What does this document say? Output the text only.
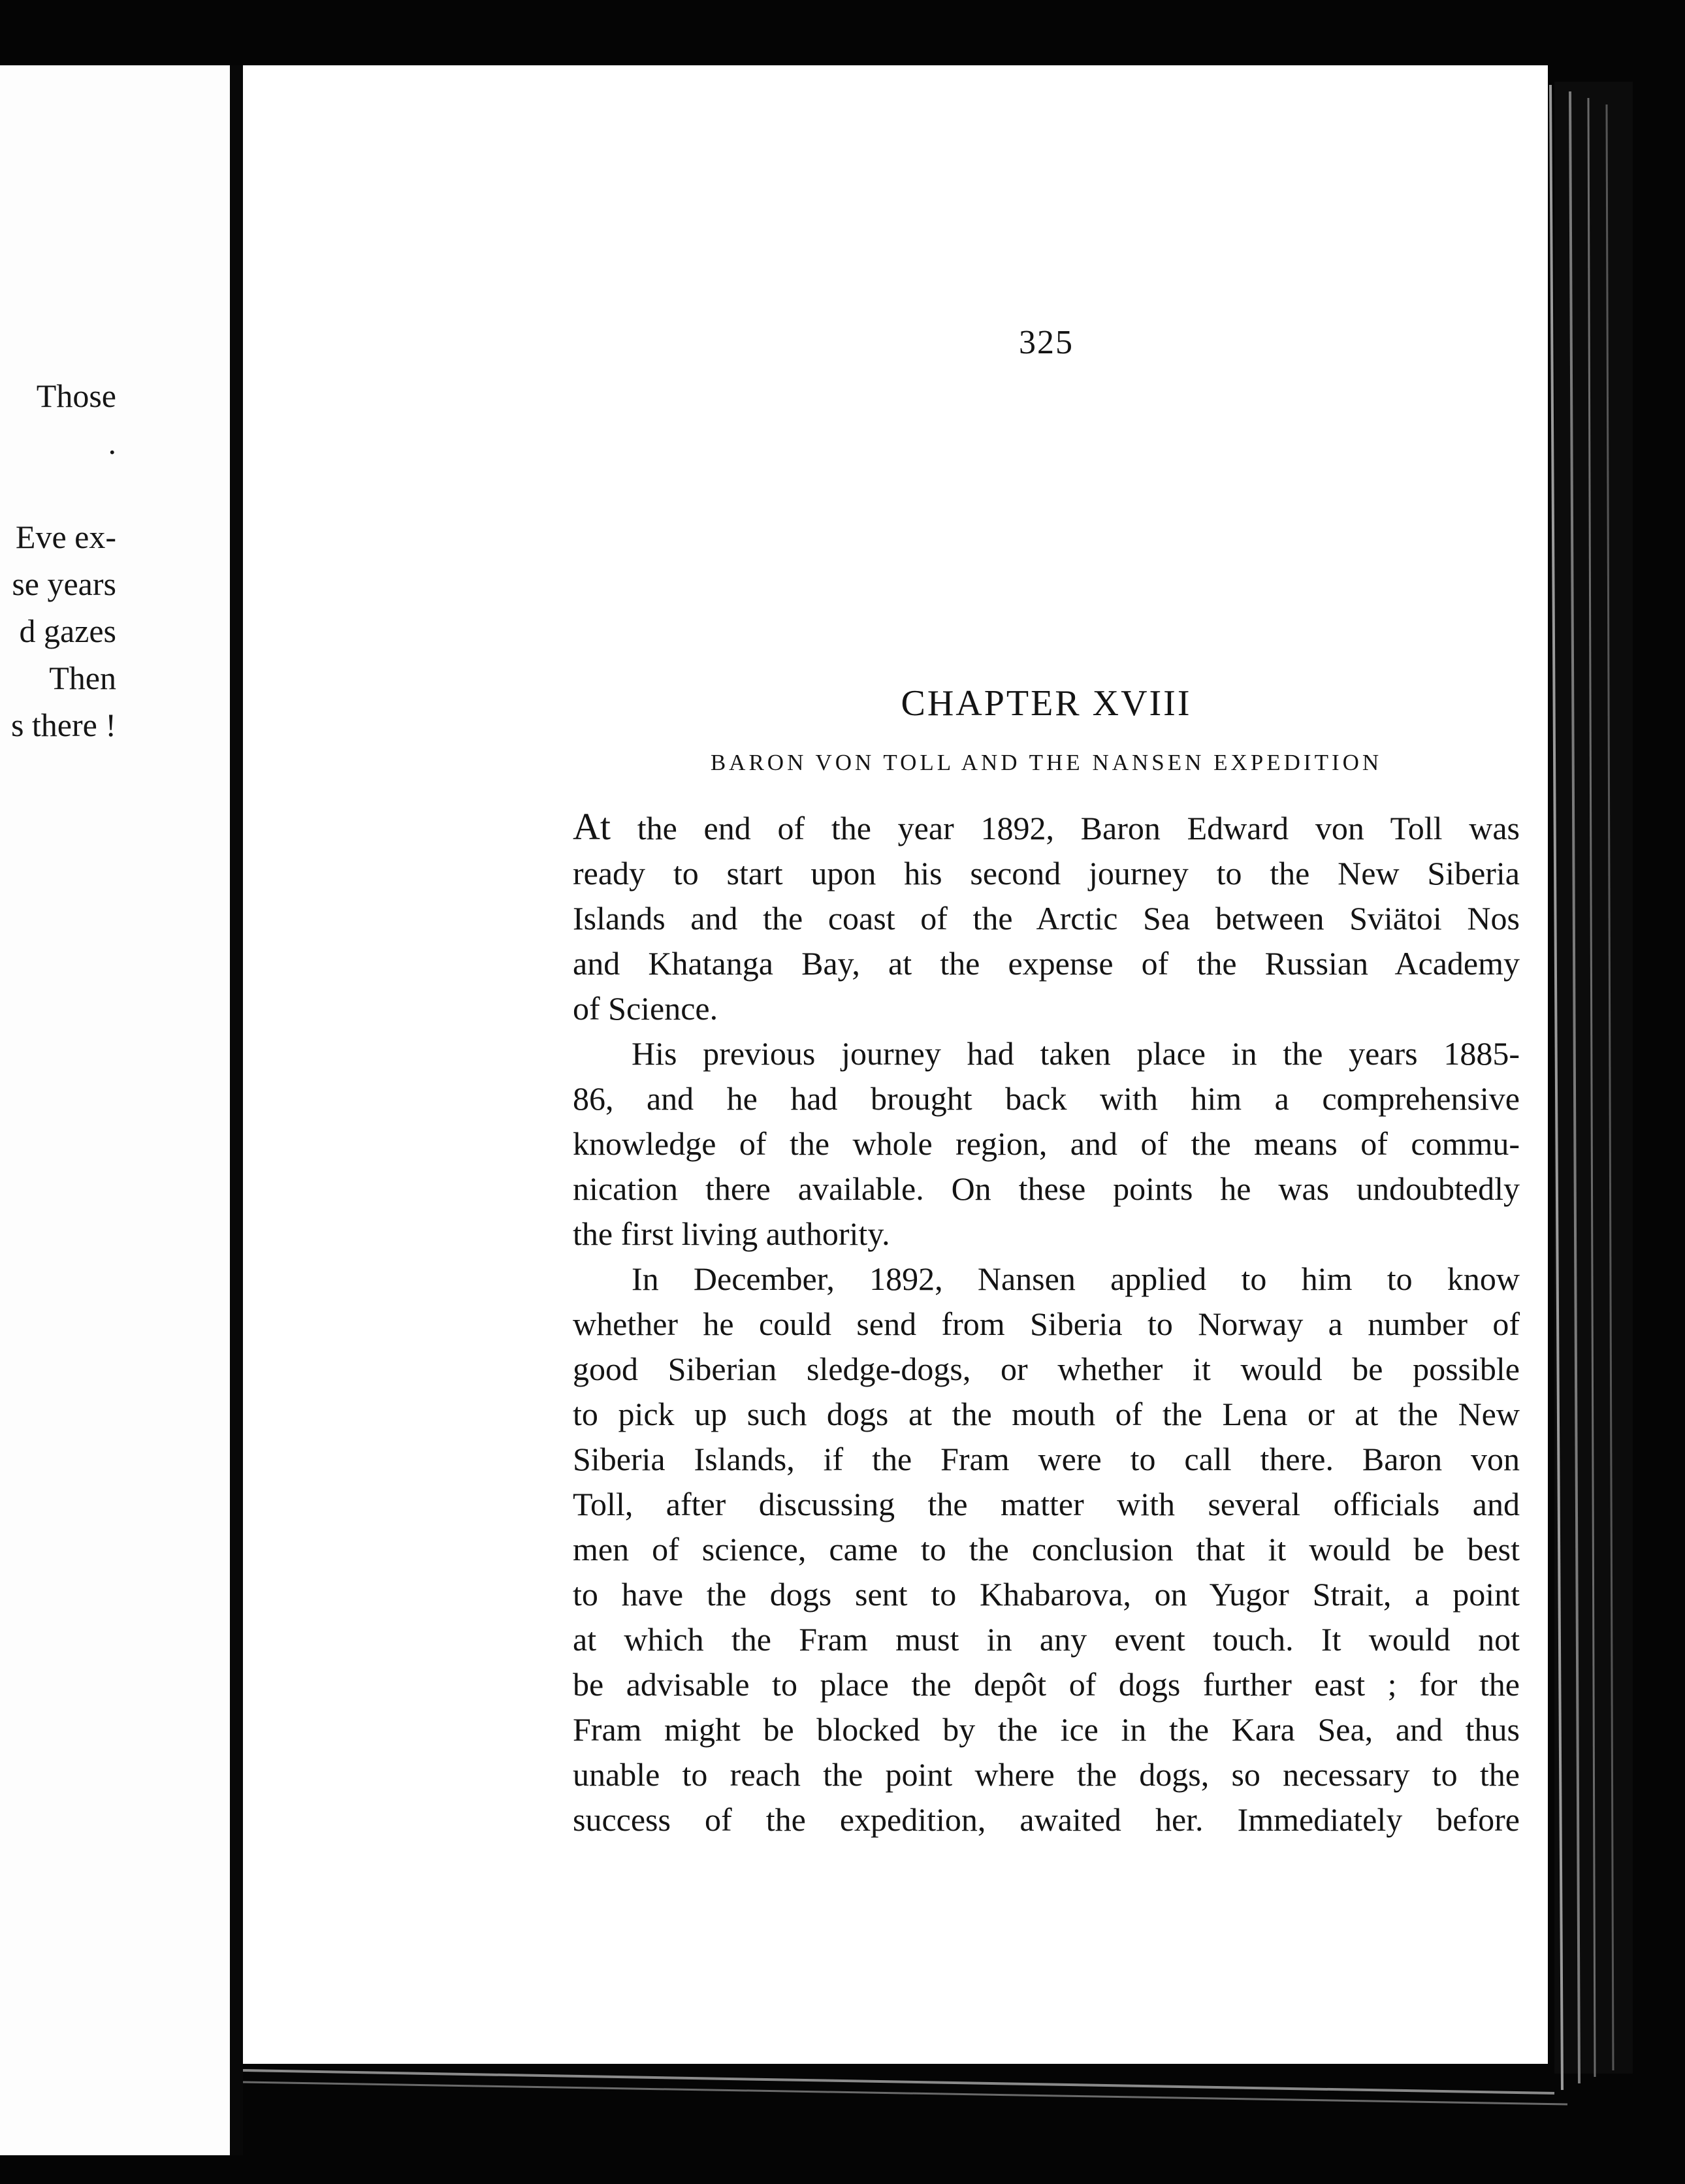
Those
.

Eve ex-
se years
d gazes
Then
s there !
325
CHAPTER XVIII
BARON VON TOLL AND THE NANSEN EXPEDITION
At the end of the year 1892, Baron Edward von Toll was
ready to start upon his second journey to the New Siberia
Islands and the coast of the Arctic Sea between Sviätoi Nos
and Khatanga Bay, at the expense of the Russian Academy
of Science.
His previous journey had taken place in the years 1885-
86, and he had brought back with him a comprehensive
knowledge of the whole region, and of the means of commu-
nication there available. On these points he was undoubtedly
the first living authority.
In December, 1892, Nansen applied to him to know
whether he could send from Siberia to Norway a number of
good Siberian sledge-dogs, or whether it would be possible
to pick up such dogs at the mouth of the Lena or at the New
Siberia Islands, if the Fram were to call there. Baron von
Toll, after discussing the matter with several officials and
men of science, came to the conclusion that it would be best
to have the dogs sent to Khabarova, on Yugor Strait, a point
at which the Fram must in any event touch. It would not
be advisable to place the depôt of dogs further east ; for the
Fram might be blocked by the ice in the Kara Sea, and thus
unable to reach the point where the dogs, so necessary to the
success of the expedition, awaited her. Immediately before
